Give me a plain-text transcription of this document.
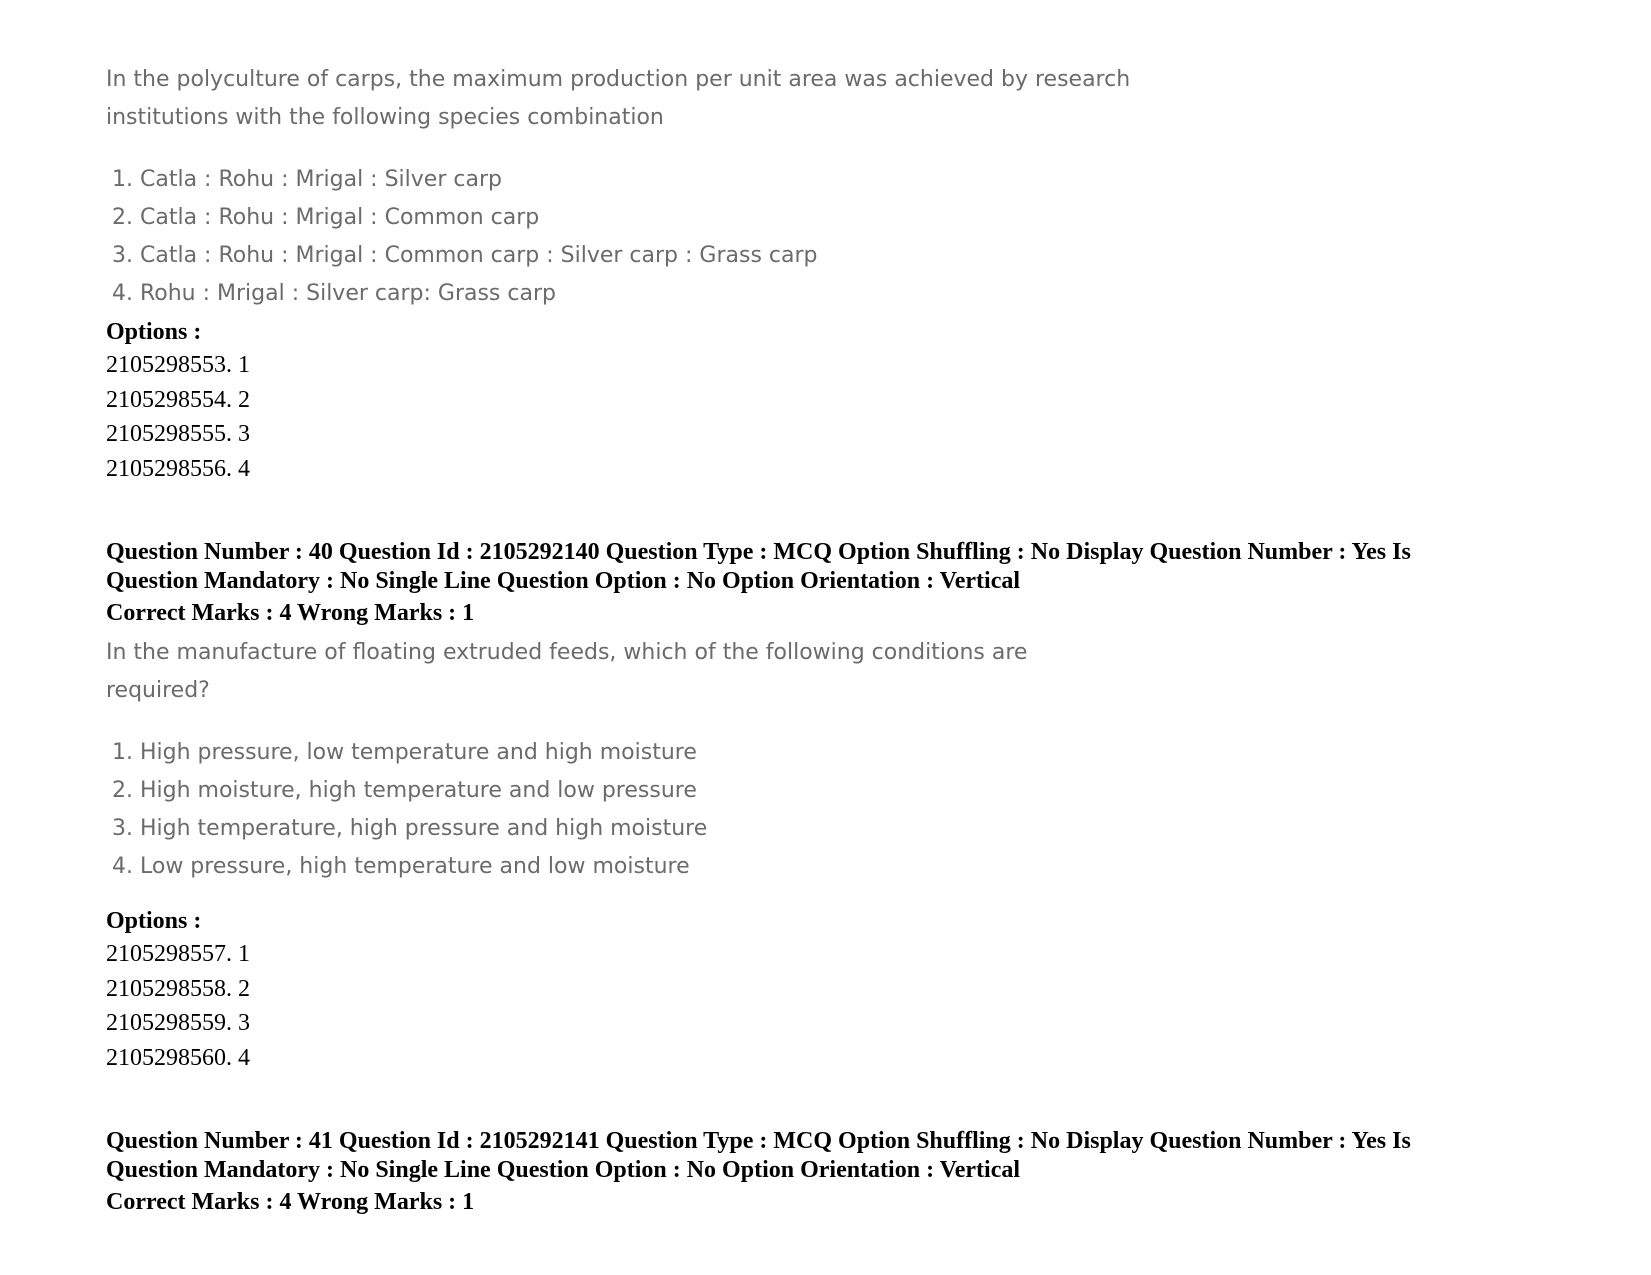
In the polyculture of carps, the maximum production per unit area was achieved by research
institutions with the following species combination
1. Catla : Rohu : Mrigal : Silver carp
2. Catla : Rohu : Mrigal : Common carp
3. Catla : Rohu : Mrigal : Common carp : Silver carp : Grass carp
4. Rohu : Mrigal : Silver carp: Grass carp
Options :
2105298553. 1
2105298554. 2
2105298555. 3
2105298556. 4
Question Number : 40 Question Id : 2105292140 Question Type : MCQ Option Shuffling : No Display Question Number : Yes Is
Question Mandatory : No Single Line Question Option : No Option Orientation : Vertical
Correct Marks : 4 Wrong Marks : 1
In the manufacture of floating extruded feeds, which of the following conditions are
required?
1. High pressure, low temperature and high moisture
2. High moisture, high temperature and low pressure
3. High temperature, high pressure and high moisture
4. Low pressure, high temperature and low moisture
Options :
2105298557. 1
2105298558. 2
2105298559. 3
2105298560. 4
Question Number : 41 Question Id : 2105292141 Question Type : MCQ Option Shuffling : No Display Question Number : Yes Is
Question Mandatory : No Single Line Question Option : No Option Orientation : Vertical
Correct Marks : 4 Wrong Marks : 1
